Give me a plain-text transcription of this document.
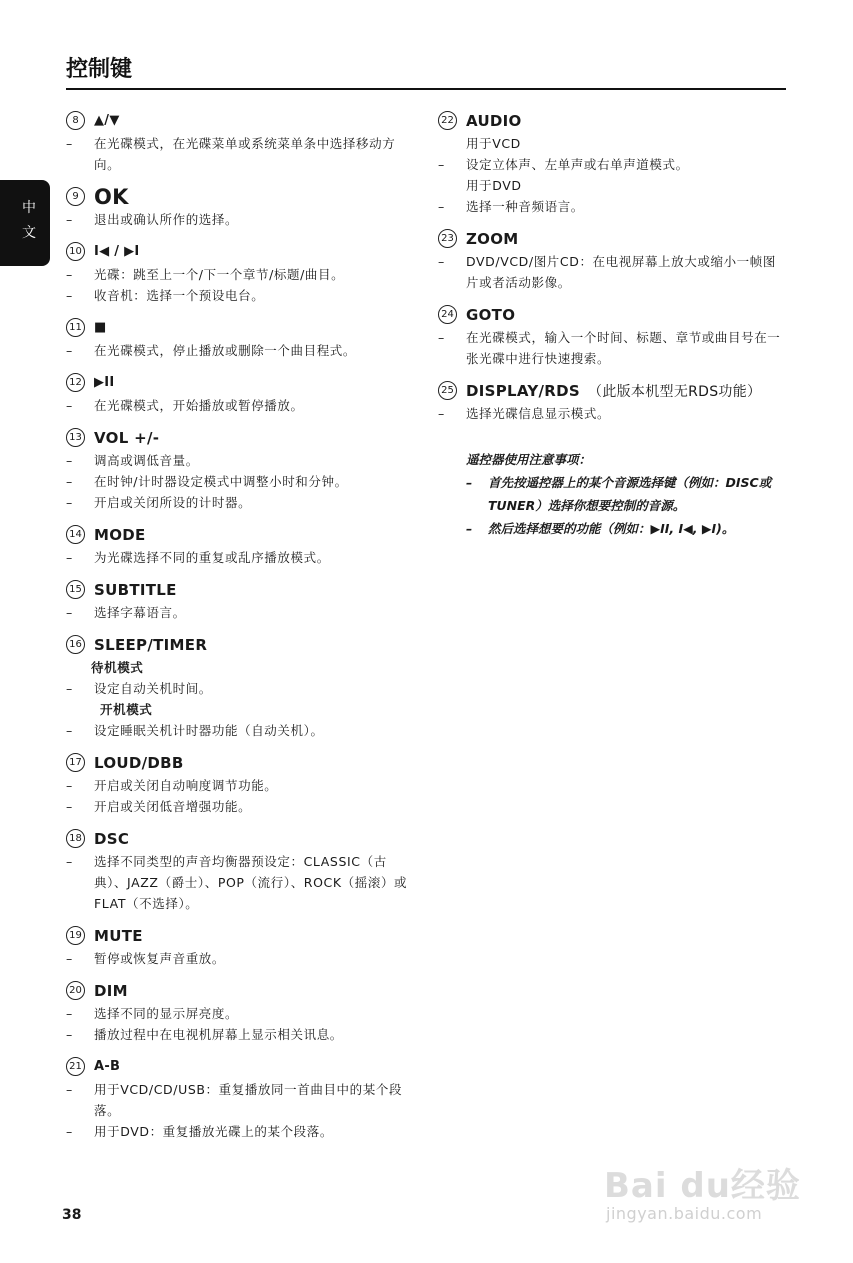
控制键
中文
8	▲/▼
–	在光碟模式，在光碟菜单或系统菜单条中选择移动方向。
9 OK
–	退出或确认所作的选择。
10 I◀ / ▶I
–	光碟：跳至上一个/下一个章节/标题/曲目。
–	收音机：选择一个预设电台。
11 ■
–	在光碟模式，停止播放或删除一个曲目程式。
12 ▶II
–	在光碟模式，开始播放或暂停播放。
13 VOL +/-
–	调高或调低音量。
–	在时钟/计时器设定模式中调整小时和分钟。
–	开启或关闭所设的计时器。
14 MODE
–	为光碟选择不同的重复或乱序播放模式。
15 SUBTITLE
–	选择字幕语言。
16 SLEEP/TIMER
待机模式
–	设定自动关机时间。
开机模式
–	设定睡眠关机计时器功能（自动关机）。
17 LOUD/DBB
–	开启或关闭自动响度调节功能。
–	开启或关闭低音增强功能。
18 DSC
–	选择不同类型的声音均衡器预设定：CLASSIC（古典）、JAZZ（爵士）、POP（流行）、ROCK（摇滚）或FLAT（不选择）。
19 MUTE
–	暂停或恢复声音重放。
20 DIM
–	选择不同的显示屏亮度。
–	播放过程中在电视机屏幕上显示相关讯息。
21 A-B
–	用于VCD/CD/USB：重复播放同一首曲目中的某个段落。
–	用于DVD：重复播放光碟上的某个段落。
22 AUDIO
用于VCD
–	设定立体声、左单声或右单声道模式。
用于DVD
–	选择一种音频语言。
23 ZOOM
–	DVD/VCD/图片CD：在电视屏幕上放大或缩小一帧图片或者活动影像。
24 GOTO
–	在光碟模式，输入一个时间、标题、章节或曲目号在一张光碟中进行快速搜索。
25 DISPLAY/RDS （此版本机型无RDS功能）
–	选择光碟信息显示模式。
遥控器使用注意事项：
–	首先按遥控器上的某个音源选择键（例如：DISC或TUNER）选择你想要控制的音源。
–	然后选择想要的功能（例如：▶II, I◀, ▶I)。
38
Bai du经验
jingyan.baidu.com
